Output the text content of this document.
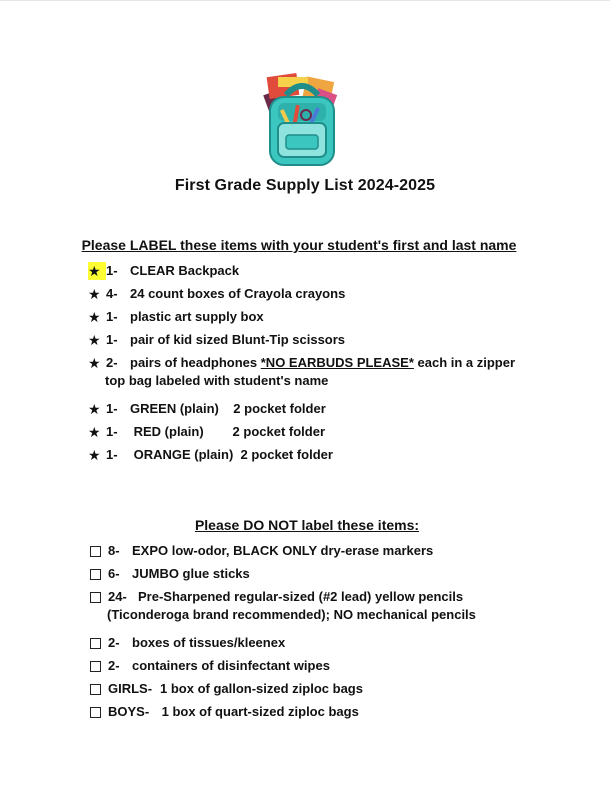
First Grade Supply List 2024-2025
Please LABEL these items with your student's first and last name
★ 1- CLEAR Backpack
★ 4- 24 count boxes of Crayola crayons
★ 1- plastic art supply box
★ 1- pair of kid sized Blunt-Tip scissors
★ 2- pairs of headphones *NO EARBUDS PLEASE* each in a zipper
top bag labeled with student's name
★ 1- GREEN (plain)    2 pocket folder
★ 1- RED (plain)        2 pocket folder
★ 1- ORANGE (plain)  2 pocket folder
Please DO NOT label these items:
8- EXPO low-odor, BLACK ONLY dry-erase markers
6- JUMBO glue sticks
24- Pre-Sharpened regular-sized (#2 lead) yellow pencils
(Ticonderoga brand recommended); NO mechanical pencils
2- boxes of tissues/kleenex
2- containers of disinfectant wipes
GIRLS- 1 box of gallon-sized ziploc bags
BOYS- 1 box of quart-sized ziploc bags
